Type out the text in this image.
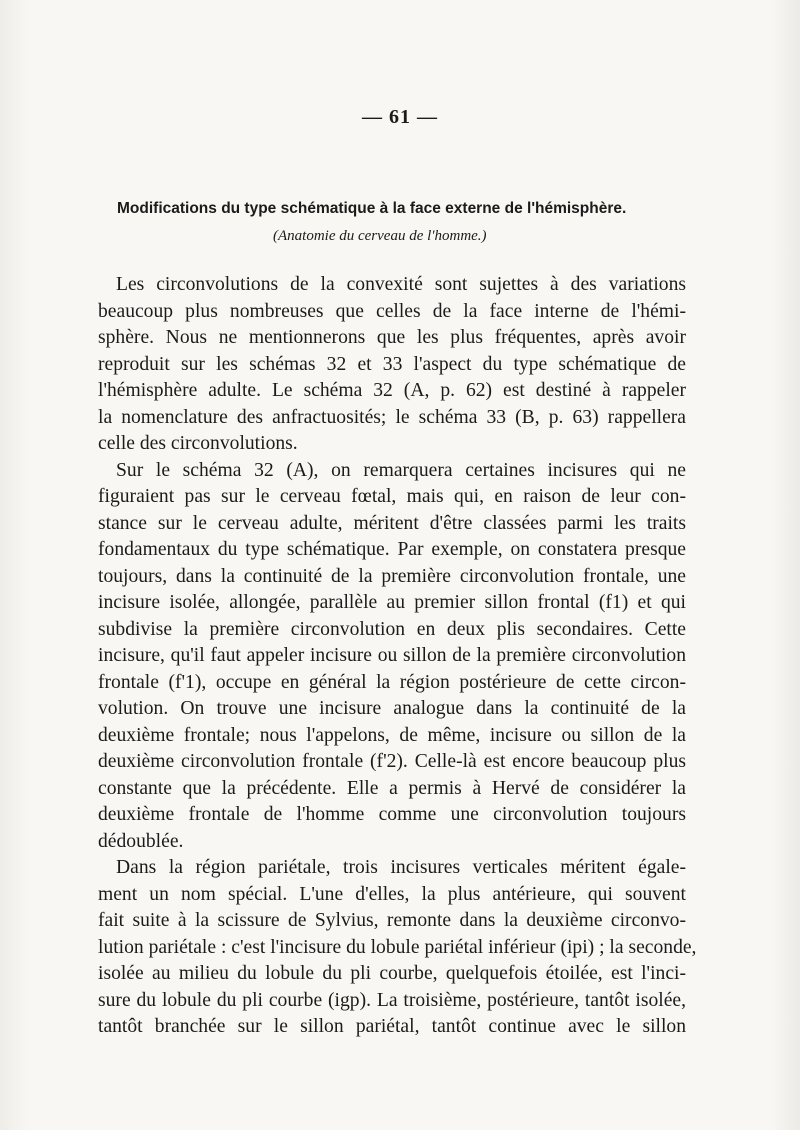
— 61 —
Modifications du type schématique à la face externe de l'hémisphère.
(Anatomie du cerveau de l'homme.)

Les circonvolutions de la convexité sont sujettes à des variations
beaucoup plus nombreuses que celles de la face interne de l'hémi-
sphère. Nous ne mentionnerons que les plus fréquentes, après avoir
reproduit sur les schémas 32 et 33 l'aspect du type schématique de
l'hémisphère adulte. Le schéma 32 (A, p. 62) est destiné à rappeler
la nomenclature des anfractuosités; le schéma 33 (B, p. 63) rappellera
celle des circonvolutions.

Sur le schéma 32 (A), on remarquera certaines incisures qui ne
figuraient pas sur le cerveau fœtal, mais qui, en raison de leur con-
stance sur le cerveau adulte, méritent d'être classées parmi les traits
fondamentaux du type schématique. Par exemple, on constatera presque
toujours, dans la continuité de la première circonvolution frontale, une
incisure isolée, allongée, parallèle au premier sillon frontal (f1) et qui
subdivise la première circonvolution en deux plis secondaires. Cette
incisure, qu'il faut appeler incisure ou sillon de la première circonvolution
frontale (f'1), occupe en général la région postérieure de cette circon-
volution. On trouve une incisure analogue dans la continuité de la
deuxième frontale; nous l'appelons, de même, incisure ou sillon de la
deuxième circonvolution frontale (f'2). Celle-là est encore beaucoup plus
constante que la précédente. Elle a permis à Hervé de considérer la
deuxième frontale de l'homme comme une circonvolution toujours
dédoublée.

Dans la région pariétale, trois incisures verticales méritent égale-
ment un nom spécial. L'une d'elles, la plus antérieure, qui souvent
fait suite à la scissure de Sylvius, remonte dans la deuxième circonvo-
lution pariétale : c'est l'incisure du lobule pariétal inférieur (ipi) ; la seconde,
isolée au milieu du lobule du pli courbe, quelquefois étoilée, est l'inci-
sure du lobule du pli courbe (igp). La troisième, postérieure, tantôt isolée,
tantôt branchée sur le sillon pariétal, tantôt continue avec le sillon
